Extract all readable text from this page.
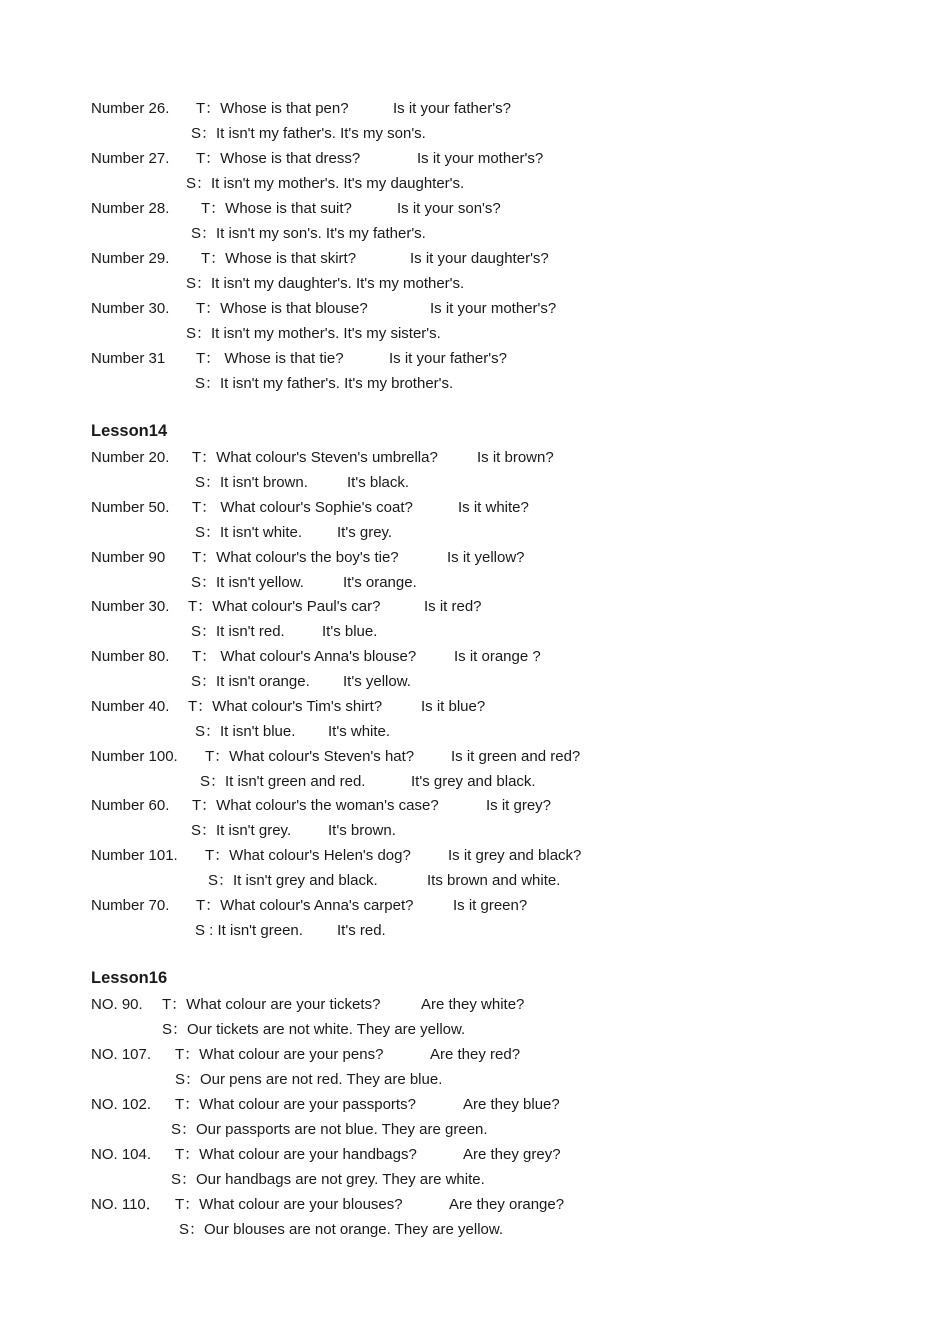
Number 26. T：Whose is that pen?	Is it your father's?
S：It isn't my father's. It's my son's.
Number 27. T：Whose is that dress?	Is it your mother's?
S：It isn't my mother's. It's my daughter's.
Number 28. T：Whose is that suit?	Is it your son's?
S：It isn't my son's. It's my father's.
Number 29. T：Whose is that skirt?	Is it your daughter's?
S：It isn't my daughter's. It's my mother's.
Number 30. T：Whose is that blouse?	Is it your mother's?
S：It isn't my mother's. It's my sister's.
Number 31 T： Whose is that tie?	Is it your father's?
S：It isn't my father's. It's my brother's.
Lesson14
Number 20. T：What colour's Steven's umbrella?	Is it brown?
S：It isn't brown.	It's black.
Number 50. T： What colour's Sophie's coat?	Is it white?
S：It isn't white. It's grey.
Number 90 T：What colour's the boy's tie?	Is it yellow?
S：It isn't yellow.	It's orange.
Number 30. T：What colour's Paul's car?	Is it red?
S：It isn't red. It's blue.
Number 80. T： What colour's Anna's blouse?	Is it orange ?
S：It isn't orange. It's yellow.
Number 40. T：What colour's Tim's shirt?	Is it blue?
S：It isn't blue. It's white.
Number 100. T：What colour's Steven's hat? Is it green and red?
S：It isn't green and red.	It's grey and black.
Number 60. T：What colour's the woman's case?	Is it grey?
S：It isn't grey. It's brown.
Number 101. T：What colour's Helen's dog? Is it grey and black?
S：It isn't grey and black.	Its brown and white.
Number 70. T：What colour's Anna's carpet?	Is it green?
S : It isn't green. It's red.
Lesson16
NO. 90. T：What colour are your tickets?	Are they white?
S：Our tickets are not white. They are yellow.
NO. 107. T：What colour are your pens?	Are they red?
S：Our pens are not red. They are blue.
NO. 102. T：What colour are your passports?	Are they blue?
S：Our passports are not blue. They are green.
NO. 104. T：What colour are your handbags?	Are they grey?
S：Our handbags are not grey. They are white.
NO. 110． T：What colour are your blouses?	Are they orange?
S：Our blouses are not orange. They are yellow.
